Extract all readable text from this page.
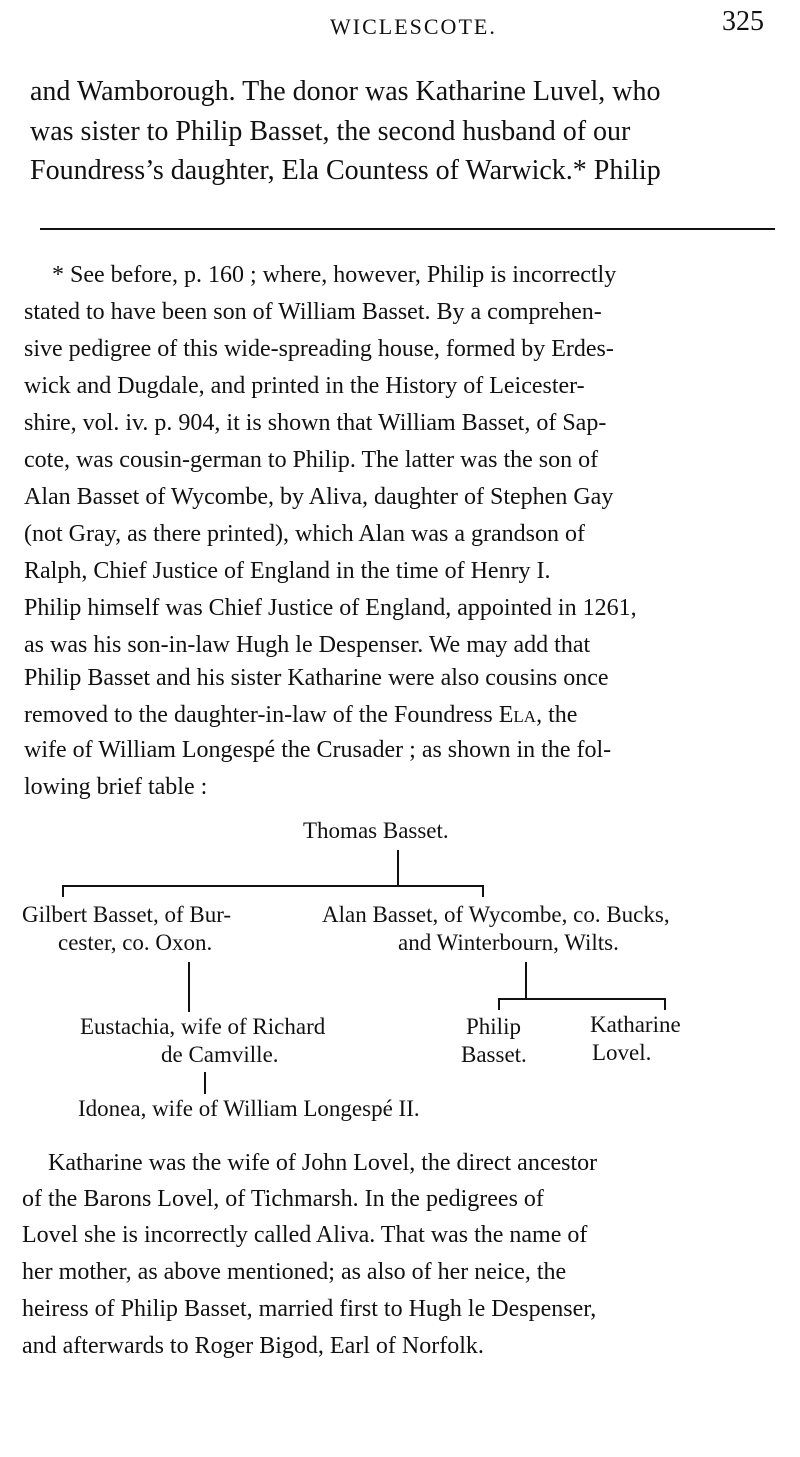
WICLESCOTE.	325
and Wamborough. The donor was Katharine Luvel, who
was sister to Philip Basset, the second husband of our
Foundress’s daughter, Ela Countess of Warwick.* Philip
* See before, p. 160 ; where, however, Philip is incorrectly
stated to have been son of William Basset. By a comprehen-
sive pedigree of this wide-spreading house, formed by Erdes-
wick and Dugdale, and printed in the History of Leicester-
shire, vol. iv. p. 904, it is shown that William Basset, of Sap-
cote, was cousin-german to Philip. The latter was the son of
Alan Basset of Wycombe, by Aliva, daughter of Stephen Gay
(not Gray, as there printed), which Alan was a grandson of
Ralph, Chief Justice of England in the time of Henry I.
Philip himself was Chief Justice of England, appointed in 1261,
as was his son-in-law Hugh le Despenser. We may add that
Philip Basset and his sister Katharine were also cousins once
removed to the daughter-in-law of the Foundress Ela, the
wife of William Longespé the Crusader ; as shown in the fol-
lowing brief table :
Thomas Basset.
Gilbert Basset, of Bur-
cester, co. Oxon.
Alan Basset, of Wycombe, co. Bucks,
and Winterbourn, Wilts.
Eustachia, wife of Richard
de Camville.
Philip
Basset.
Katharine
Lovel.
Idonea, wife of William Longespé II.
Katharine was the wife of John Lovel, the direct ancestor
of the Barons Lovel, of Tichmarsh. In the pedigrees of
Lovel she is incorrectly called Aliva. That was the name of
her mother, as above mentioned; as also of her neice, the
heiress of Philip Basset, married first to Hugh le Despenser,
and afterwards to Roger Bigod, Earl of Norfolk.
